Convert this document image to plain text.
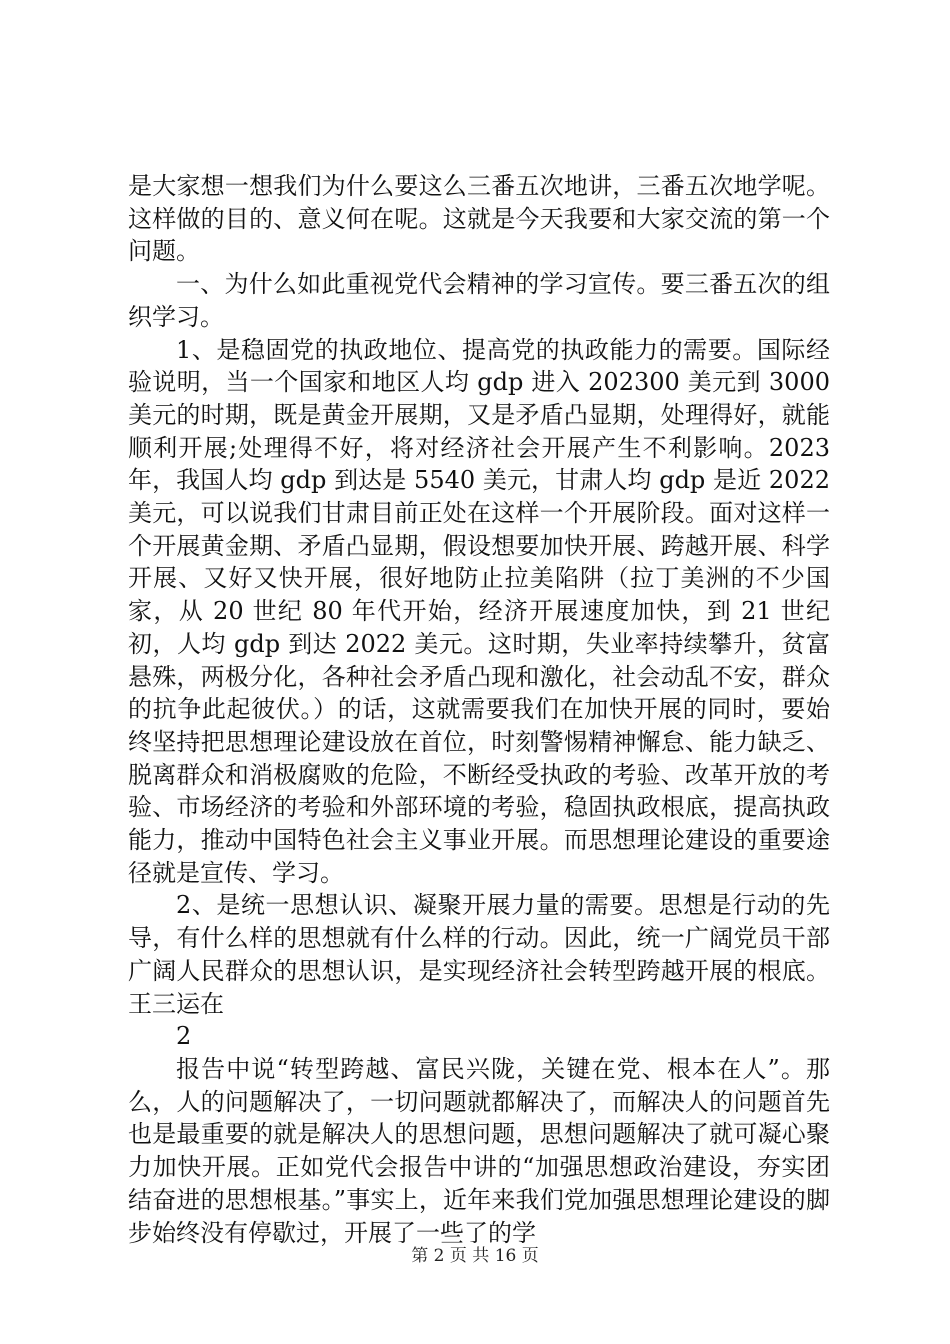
是大家想一想我们为什么要这么三番五次地讲，三番五次地学呢。这样做的目的、意义何在呢。这就是今天我要和大家交流的第一个问题。

一、为什么如此重视党代会精神的学习宣传。要三番五次的组织学习。

1、是稳固党的执政地位、提高党的执政能力的需要。国际经验说明，当一个国家和地区人均 gdp 进入 202300 美元到 3000 美元的时期，既是黄金开展期，又是矛盾凸显期，处理得好，就能顺利开展;处理得不好，将对经济社会开展产生不利影响。2023 年，我国人均 gdp 到达是 5540 美元，甘肃人均 gdp 是近 2022 美元，可以说我们甘肃目前正处在这样一个开展阶段。面对这样一个开展黄金期、矛盾凸显期，假设想要加快开展、跨越开展、科学开展、又好又快开展，很好地防止拉美陷阱（拉丁美洲的不少国家，从 20 世纪 80 年代开始，经济开展速度加快，到 21 世纪初，人均 gdp 到达 2022 美元。这时期，失业率持续攀升，贫富悬殊，两极分化，各种社会矛盾凸现和激化，社会动乱不安，群众的抗争此起彼伏。）的话，这就需要我们在加快开展的同时，要始终坚持把思想理论建设放在首位，时刻警惕精神懈怠、能力缺乏、脱离群众和消极腐败的危险，不断经受执政的考验、改革开放的考验、市场经济的考验和外部环境的考验，稳固执政根底，提高执政能力，推动中国特色社会主义事业开展。而思想理论建设的重要途径就是宣传、学习。

2、是统一思想认识、凝聚开展力量的需要。思想是行动的先导，有什么样的思想就有什么样的行动。因此，统一广阔党员干部广阔人民群众的思想认识，是实现经济社会转型跨越开展的根底。王三运在

2

报告中说“转型跨越、富民兴陇，关键在党、根本在人”。那么，人的问题解决了，一切问题就都解决了，而解决人的问题首先也是最重要的就是解决人的思想问题，思想问题解决了就可凝心聚力加快开展。正如党代会报告中讲的“加强思想政治建设，夯实团结奋进的思想根基。”事实上，近年来我们党加强思想理论建设的脚步始终没有停歇过，开展了一些了的学

第 2 页 共 16 页
